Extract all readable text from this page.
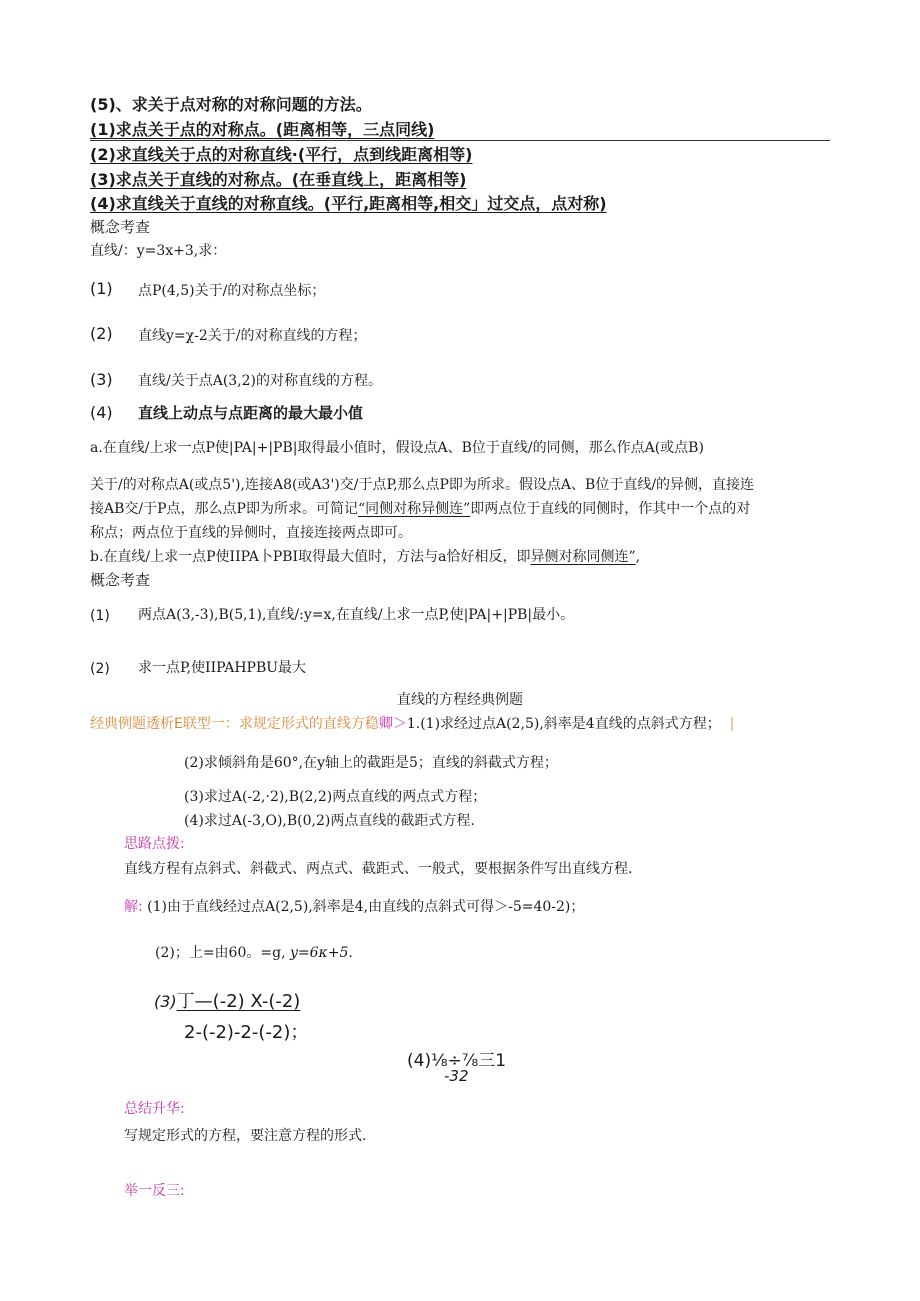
(5)、求关于点对称的对称问题的方法。
(1)求点关于点的对称点。(距离相等，三点同线)
(2)求直线关于点的对称直线·(平行，点到线距离相等)
(3)求点关于直线的对称点。(在垂直线上，距离相等)
(4)求直线关于直线的对称直线。(平行,距离相等,相交」过交点，点对称)
概念考查
直线/：y=3x+3,求：
(1) 点P(4,5)关于/的对称点坐标；
(2) 直线y=χ-2关于/的对称直线的方程；
(3) 直线/关于点A(3,2)的对称直线的方程。
(4) 直线上动点与点距离的最大最小值
a.在直线/上求一点P使|PA|+|PB|取得最小值时，假设点A、B位于直线/的同侧，那么作点A(或点B)
关于/的对称点A(或点5'),连接A8(或A3')交/于点P,那么点P即为所求。假设点A、B位于直线/的异侧，直接连
接AB交/于P点，那么点P即为所求。可简记“同侧对称异侧连”即两点位于直线的同侧时，作其中一个点的对
称点；两点位于直线的异侧时，直接连接两点即可。
b.在直线/上求一点P使IIPA卜PBI取得最大值时，方法与a恰好相反，即异侧对称同侧连”,
概念考查
(1) 两点A(3,-3),B(5,1),直线/:y=x,在直线/上求一点P,使|PA|+|PB|最小。
(2) 求一点P,使IIPAHPBU最大
直线的方程经典例题
经典例题透析E联型一：求规定形式的直线方稳卿＞1.(1)求经过点A(2,5),斜率是4直线的点斜式方程；  |
(2)求倾斜角是60°,在y轴上的截距是5；直线的斜截式方程；
(3)求过A(-2,·2),B(2,2)两点直线的两点式方程；
(4)求过A(-3,O),B(0,2)两点直线的截距式方程.
思路点拨:
直线方程有点斜式、斜截式、两点式、截距式、一般式，要根据条件写出直线方程.
解: (1)由于直线经过点A(2,5),斜率是4,由直线的点斜式可得＞-5=40-2)；
(2)；上=由60。=g, y=6κ+5.
(3)丁—(-2) X-(-2)
2-(-2)-2-(-2)；
(4)⅛÷⅞三1
-32
总结升华:
写规定形式的方程，要注意方程的形式.
举一反三:
